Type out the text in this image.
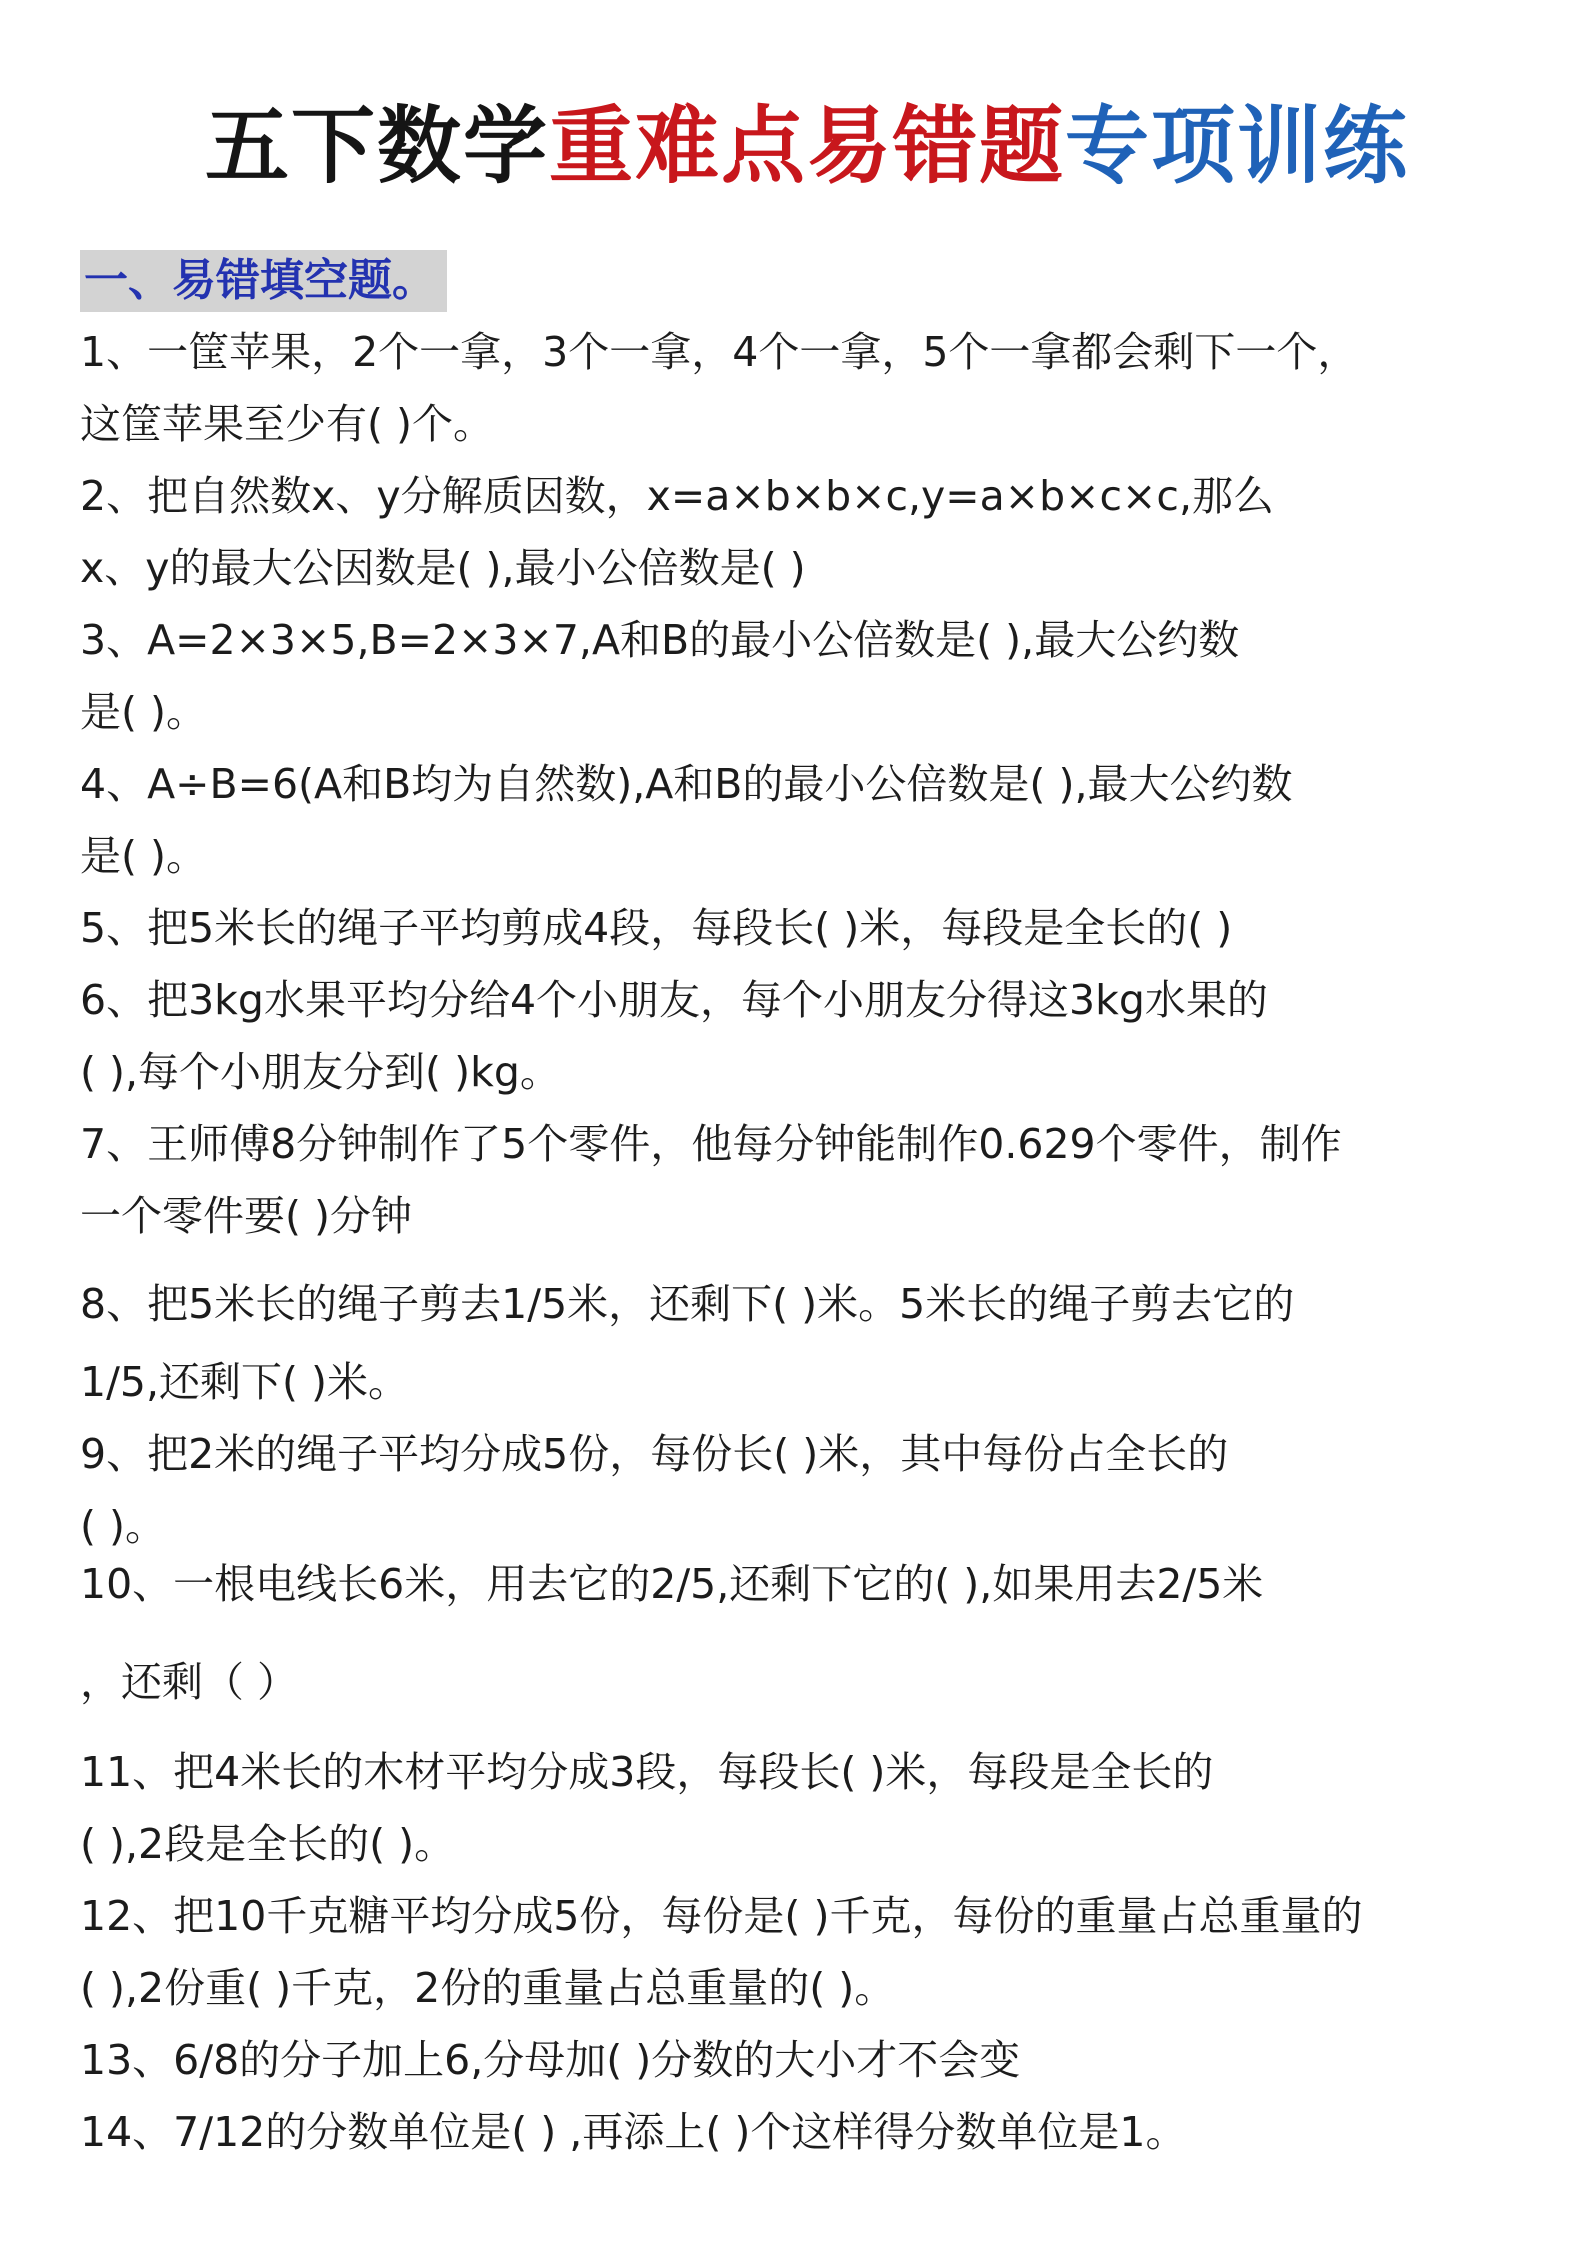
五下数学重难点易错题专项训练
一、易错填空题。
1、一筐苹果，2个一拿，3个一拿，4个一拿，5个一拿都会剩下一个，
这筐苹果至少有( )个。
2、把自然数x、y分解质因数，x=a×b×b×c,y=a×b×c×c,那么
x、y的最大公因数是( ),最小公倍数是( )
3、A=2×3×5,B=2×3×7,A和B的最小公倍数是( ),最大公约数
是( )。
4、A÷B=6(A和B均为自然数),A和B的最小公倍数是( ),最大公约数
是( )。
5、把5米长的绳子平均剪成4段，每段长( )米，每段是全长的( )
6、把3kg水果平均分给4个小朋友，每个小朋友分得这3kg水果的
( ),每个小朋友分到( )kg。
7、王师傅8分钟制作了5个零件，他每分钟能制作0.629个零件，制作
一个零件要( )分钟
8、把5米长的绳子剪去1/5米，还剩下( )米。5米长的绳子剪去它的
1/5,还剩下( )米。
9、把2米的绳子平均分成5份，每份长( )米，其中每份占全长的
( )。
10、一根电线长6米，用去它的2/5,还剩下它的( ),如果用去2/5米
，还剩（ ）
11、把4米长的木材平均分成3段，每段长( )米，每段是全长的
( ),2段是全长的( )。
12、把10千克糖平均分成5份，每份是( )千克，每份的重量占总重量的
( ),2份重( )千克，2份的重量占总重量的( )。
13、6/8的分子加上6,分母加( )分数的大小才不会变
14、7/12的分数单位是( ) ,再添上( )个这样得分数单位是1。
